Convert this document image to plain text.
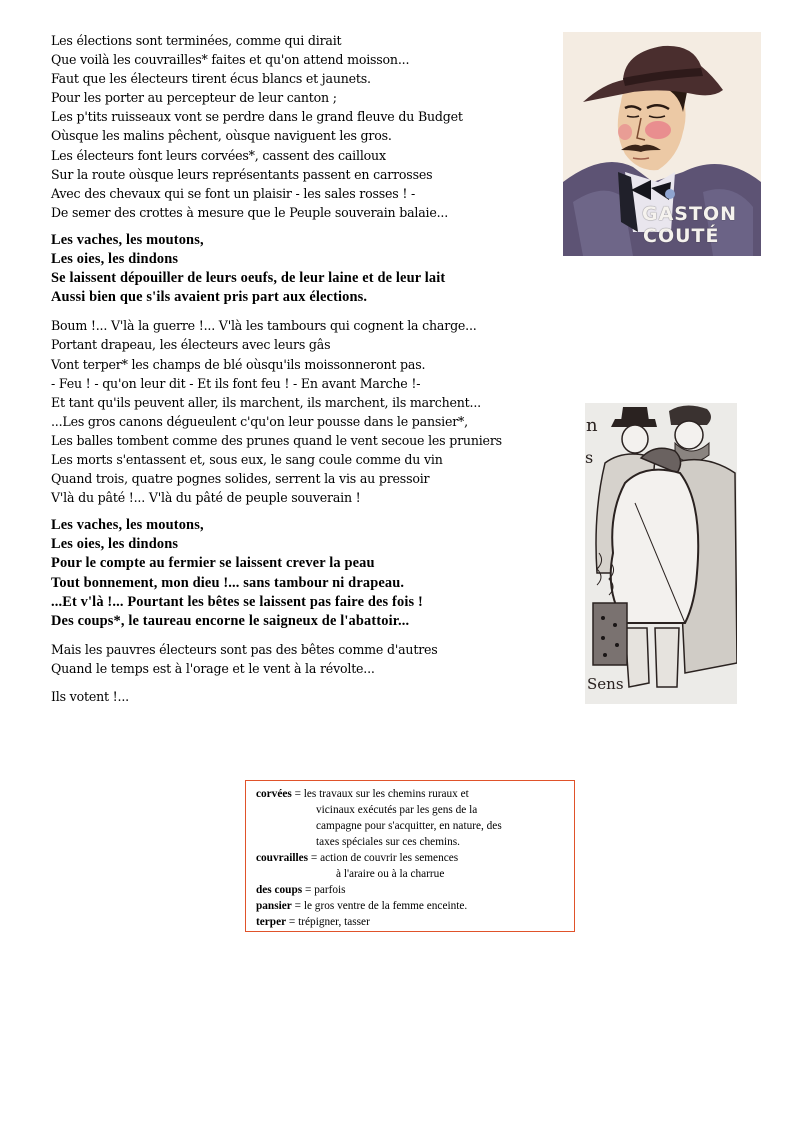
Les élections sont terminées, comme qui dirait
Que voilà les couvrailles* faites et qu'on attend moisson...
Faut que les électeurs tirent écus blancs et jaunets.
Pour les porter au percepteur de leur canton ;
Les p'tits ruisseaux vont se perdre dans le grand fleuve du Budget
Oùsque les malins pêchent, oùsque naviguent les gros.
Les électeurs font leurs corvées*, cassent des cailloux
Sur la route oùsque leurs représentants passent en carrosses
Avec des chevaux qui se font un plaisir - les sales rosses ! -
De semer des crottes à mesure que le Peuple souverain balaie...
Les vaches, les moutons,
Les oies, les dindons
Se laissent dépouiller de leurs oeufs, de leur laine et de leur lait
Aussi bien que s'ils avaient pris part aux élections.
Boum !... V'là la guerre !... V'là les tambours qui cognent la charge...
Portant drapeau, les électeurs avec leurs gâs
Vont terper* les champs de blé oùsqu'ils moissonneront pas.
- Feu ! - qu'on leur dit - Et ils font feu ! - En avant Marche !-
Et tant qu'ils peuvent aller, ils marchent, ils marchent, ils marchent...
...Les gros canons dégueulent c'qu'on leur pousse dans le pansier*,
Les balles tombent comme des prunes quand le vent secoue les pruniers
Les morts s'entassent et, sous eux, le sang coule comme du vin
Quand trois, quatre pognes solides, serrent la vis au pressoir
V'là du pâté !... V'là du pâté de peuple souverain !
Les vaches, les moutons,
Les oies, les dindons
Pour le compte au fermier se laissent crever la peau
Tout bonnement, mon dieu !... sans tambour ni drapeau.
...Et v'là !... Pourtant les bêtes se laissent pas faire des fois !
Des coups*, le taureau encorne le saigneux de l'abattoir...
Mais les pauvres électeurs sont pas des bêtes comme d'autres
Quand le temps est à l'orage et le vent à la révolte...
Ils votent !...
GASTON
COUTÉ
n
s
Sens
corvées = les travaux sur les chemins ruraux et
vicinaux exécutés par les gens de la
campagne pour s'acquitter, en nature, des
taxes spéciales sur ces chemins.
couvrailles = action de couvrir les semences
à l'araire ou à la charrue
des coups = parfois
pansier = le gros ventre de la femme enceinte.
terper = trépigner, tasser
